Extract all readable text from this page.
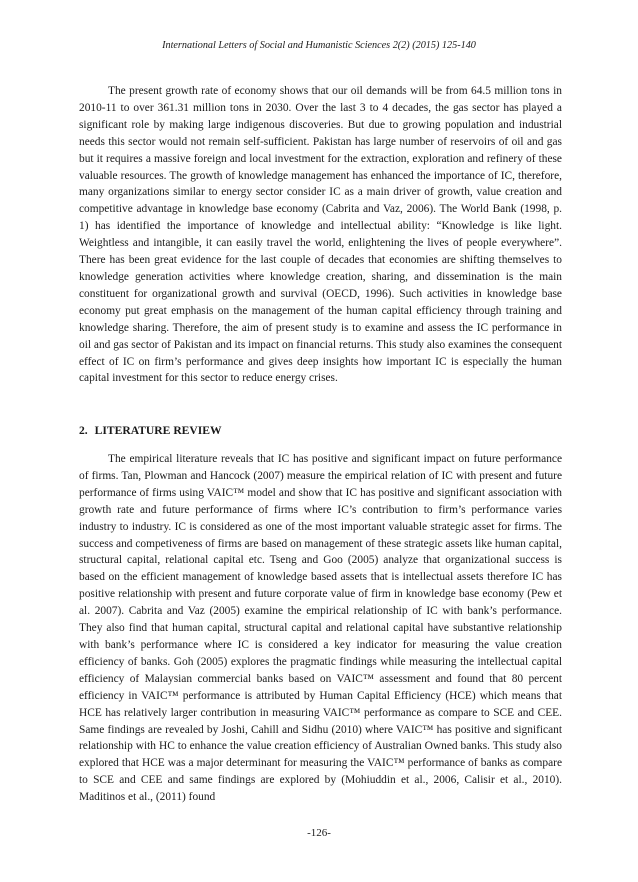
International Letters of Social and Humanistic Sciences 2(2) (2015) 125-140

The present growth rate of economy shows that our oil demands will be from 64.5 million tons in 2010-11 to over 361.31 million tons in 2030. Over the last 3 to 4 decades, the gas sector has played a significant role by making large indigenous discoveries. But due to growing population and industrial needs this sector would not remain self-sufficient. Pakistan has large number of reservoirs of oil and gas but it requires a massive foreign and local investment for the extraction, exploration and refinery of these valuable resources. The growth of knowledge management has enhanced the importance of IC, therefore, many organizations similar to energy sector consider IC as a main driver of growth, value creation and competitive advantage in knowledge base economy (Cabrita and Vaz, 2006). The World Bank (1998, p. 1) has identified the importance of knowledge and intellectual ability: “Knowledge is like light. Weightless and intangible, it can easily travel the world, enlightening the lives of people everywhere”. There has been great evidence for the last couple of decades that economies are shifting themselves to knowledge generation activities where knowledge creation, sharing, and dissemination is the main constituent for organizational growth and survival (OECD, 1996). Such activities in knowledge base economy put great emphasis on the management of the human capital efficiency through training and knowledge sharing. Therefore, the aim of present study is to examine and assess the IC performance in oil and gas sector of Pakistan and its impact on financial returns. This study also examines the consequent effect of IC on firm’s performance and gives deep insights how important IC is especially the human capital investment for this sector to reduce energy crises.

2. LITERATURE REVIEW

The empirical literature reveals that IC has positive and significant impact on future performance of firms. Tan, Plowman and Hancock (2007) measure the empirical relation of IC with present and future performance of firms using VAIC™ model and show that IC has positive and significant association with growth rate and future performance of firms where IC’s contribution to firm’s performance varies industry to industry. IC is considered as one of the most important valuable strategic asset for firms. The success and competiveness of firms are based on management of these strategic assets like human capital, structural capital, relational capital etc. Tseng and Goo (2005) analyze that organizational success is based on the efficient management of knowledge based assets that is intellectual assets therefore IC has positive relationship with present and future corporate value of firm in knowledge base economy (Pew et al. 2007). Cabrita and Vaz (2005) examine the empirical relationship of IC with bank’s performance. They also find that human capital, structural capital and relational capital have substantive relationship with bank’s performance where IC is considered a key indicator for measuring the value creation efficiency of banks. Goh (2005) explores the pragmatic findings while measuring the intellectual capital efficiency of Malaysian commercial banks based on VAIC™ assessment and found that 80 percent efficiency in VAIC™ performance is attributed by Human Capital Efficiency (HCE) which means that HCE has relatively larger contribution in measuring VAIC™ performance as compare to SCE and CEE. Same findings are revealed by Joshi, Cahill and Sidhu (2010) where VAIC™ has positive and significant relationship with HC to enhance the value creation efficiency of Australian Owned banks. This study also explored that HCE was a major determinant for measuring the VAIC™ performance of banks as compare to SCE and CEE and same findings are explored by (Mohiuddin et al., 2006, Calisir et al., 2010). Maditinos et al., (2011) found

-126-
